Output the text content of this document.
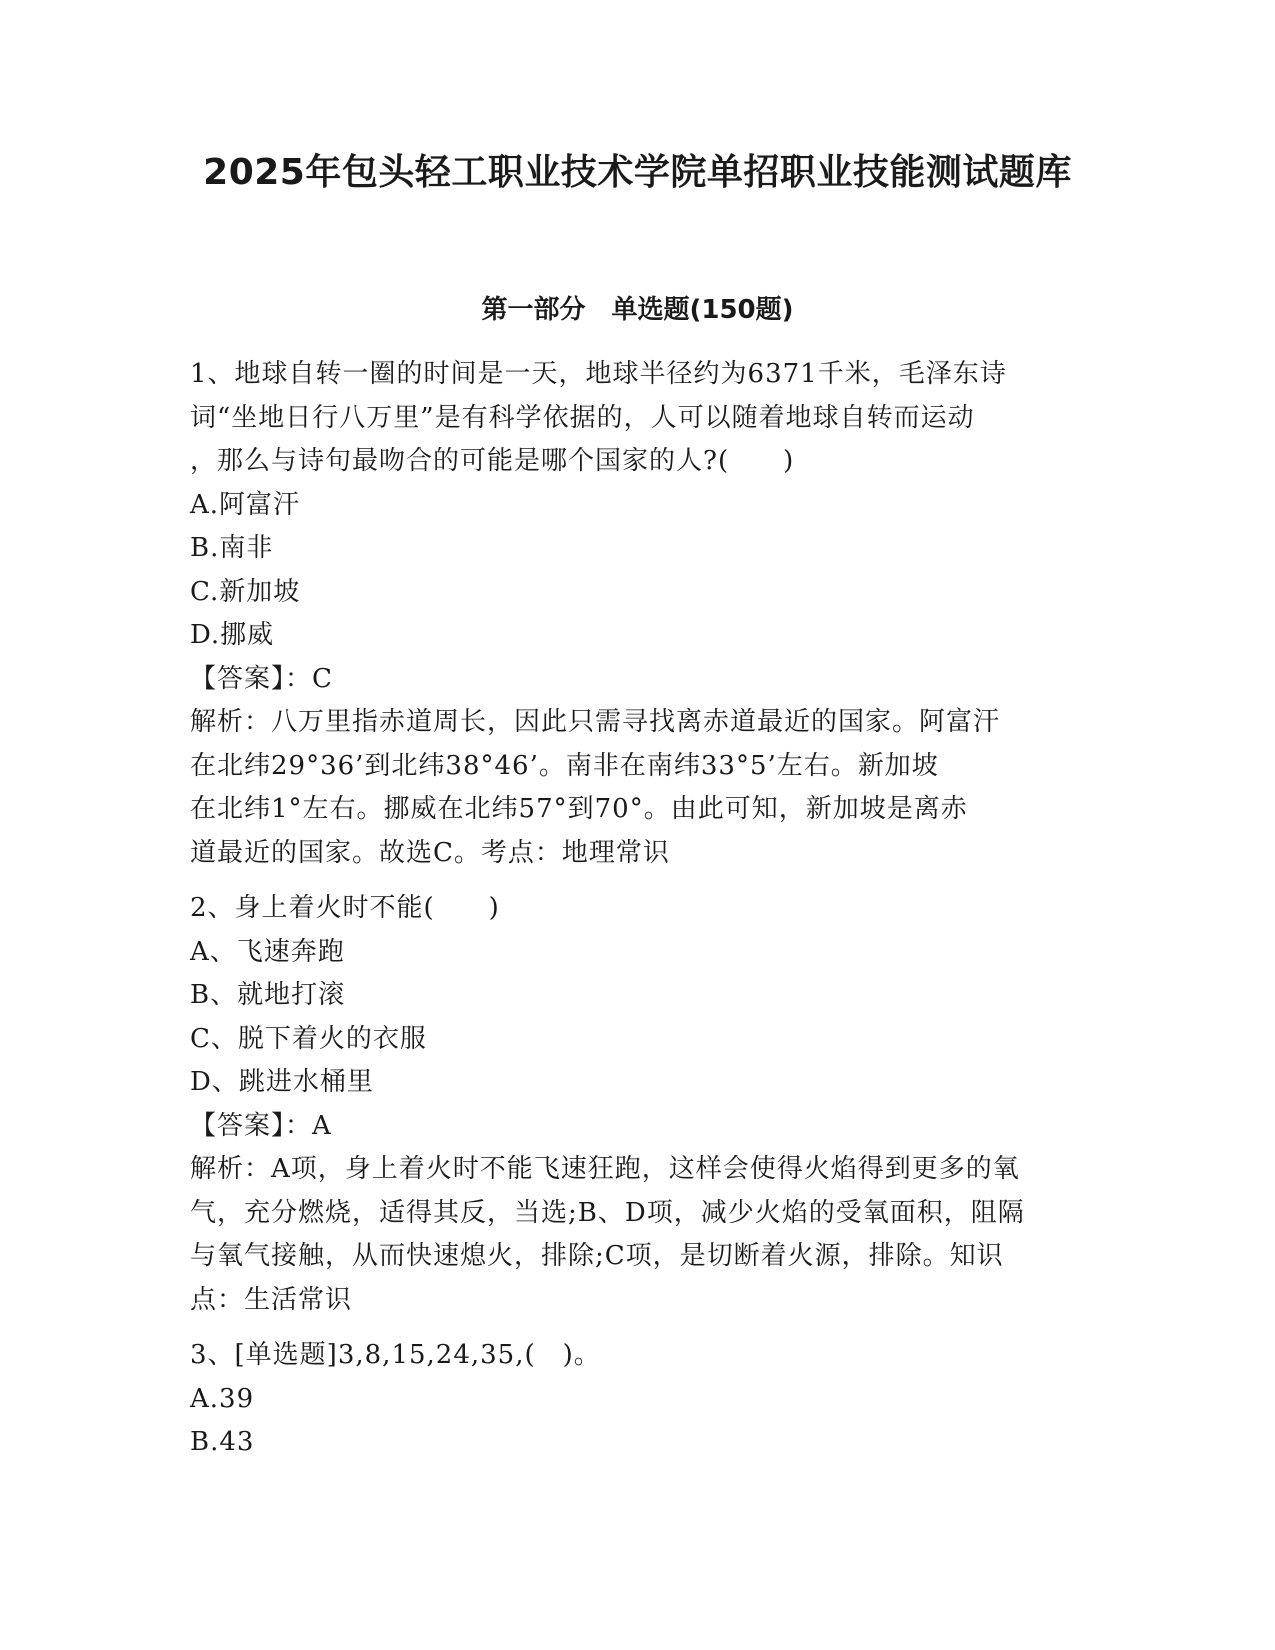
2025年包头轻工职业技术学院单招职业技能测试题库
第一部分　单选题(150题)
1、地球自转一圈的时间是一天，地球半径约为6371千米，毛泽东诗
词“坐地日行八万里”是有科学依据的，人可以随着地球自转而运动
，那么与诗句最吻合的可能是哪个国家的人?(　　)
A.阿富汗
B.南非
C.新加坡
D.挪威
【答案】：C
解析：八万里指赤道周长，因此只需寻找离赤道最近的国家。阿富汗
在北纬29°36’到北纬38°46’。南非在南纬33°5’左右。新加坡
在北纬1°左右。挪威在北纬57°到70°。由此可知，新加坡是离赤
道最近的国家。故选C。考点：地理常识
2、身上着火时不能(　　)
A、飞速奔跑
B、就地打滚
C、脱下着火的衣服
D、跳进水桶里
【答案】：A
解析：A项，身上着火时不能飞速狂跑，这样会使得火焰得到更多的氧
气，充分燃烧，适得其反，当选;B、D项，减少火焰的受氧面积，阻隔
与氧气接触，从而快速熄火，排除;C项，是切断着火源，排除。知识
点：生活常识
3、[单选题]3,8,15,24,35,(　)。
A.39
B.43
